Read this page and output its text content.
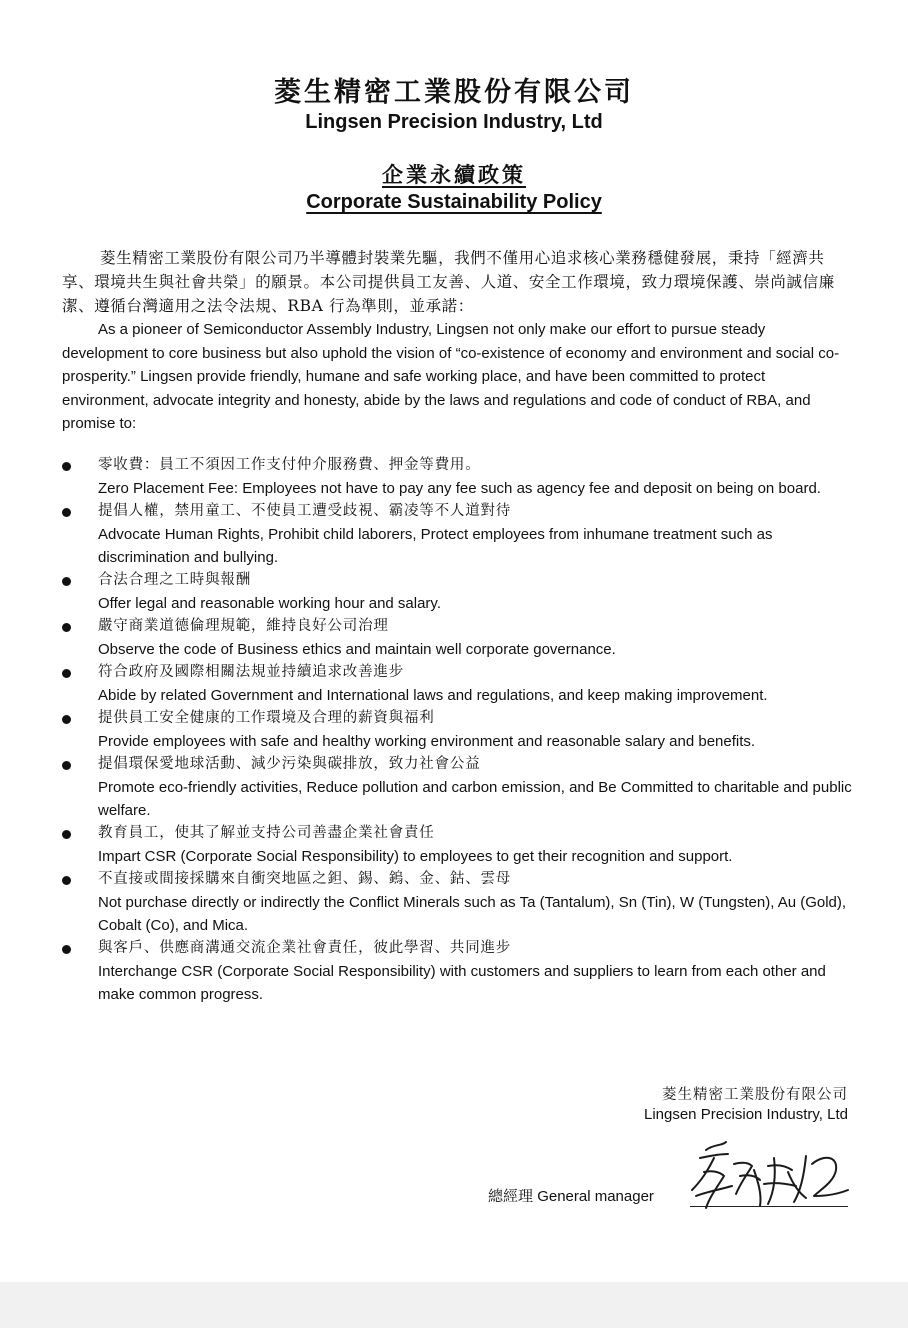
菱生精密工業股份有限公司
Lingsen Precision Industry, Ltd
企業永續政策
Corporate Sustainability Policy

菱生精密工業股份有限公司乃半導體封裝業先驅，我們不僅用心追求核心業務穩健發展，秉持「經濟共享、環境共生與社會共榮」的願景。本公司提供員工友善、人道、安全工作環境，致力環境保護、崇尚誠信廉潔、遵循台灣適用之法令法規、RBA 行為準則，並承諾：

As a pioneer of Semiconductor Assembly Industry, Lingsen not only make our effort to pursue steady development to core business but also uphold the vision of “co-existence of economy and environment and social co-prosperity.” Lingsen provide friendly, humane and safe working place, and have been committed to protect environment, advocate integrity and honesty, abide by the laws and regulations and code of conduct of RBA, and promise to:

零收費：員工不須因工作支付仲介服務費、押金等費用。
Zero Placement Fee: Employees not have to pay any fee such as agency fee and deposit on being on board.
提倡人權，禁用童工、不使員工遭受歧視、霸凌等不人道對待
Advocate Human Rights, Prohibit child laborers, Protect employees from inhumane treatment such as discrimination and bullying.
合法合理之工時與報酬
Offer legal and reasonable working hour and salary.
嚴守商業道德倫理規範，維持良好公司治理
Observe the code of Business ethics and maintain well corporate governance.
符合政府及國際相關法規並持續追求改善進步
Abide by related Government and International laws and regulations, and keep making improvement.
提供員工安全健康的工作環境及合理的薪資與福利
Provide employees with safe and healthy working environment and reasonable salary and benefits.
提倡環保愛地球活動、減少污染與碳排放，致力社會公益
Promote eco-friendly activities, Reduce pollution and carbon emission, and Be Committed to charitable and public welfare.
教育員工，使其了解並支持公司善盡企業社會責任
Impart CSR (Corporate Social Responsibility) to employees to get their recognition and support.
不直接或間接採購來自衝突地區之鉭、錫、鎢、金、鈷、雲母
Not purchase directly or indirectly the Conflict Minerals such as Ta (Tantalum), Sn (Tin), W (Tungsten), Au (Gold), Cobalt (Co), and Mica.
與客戶、供應商溝通交流企業社會責任，彼此學習、共同進步
Interchange CSR (Corporate Social Responsibility) with customers and suppliers to learn from each other and make common progress.
菱生精密工業股份有限公司
Lingsen Precision Industry, Ltd
總經理 General manager
